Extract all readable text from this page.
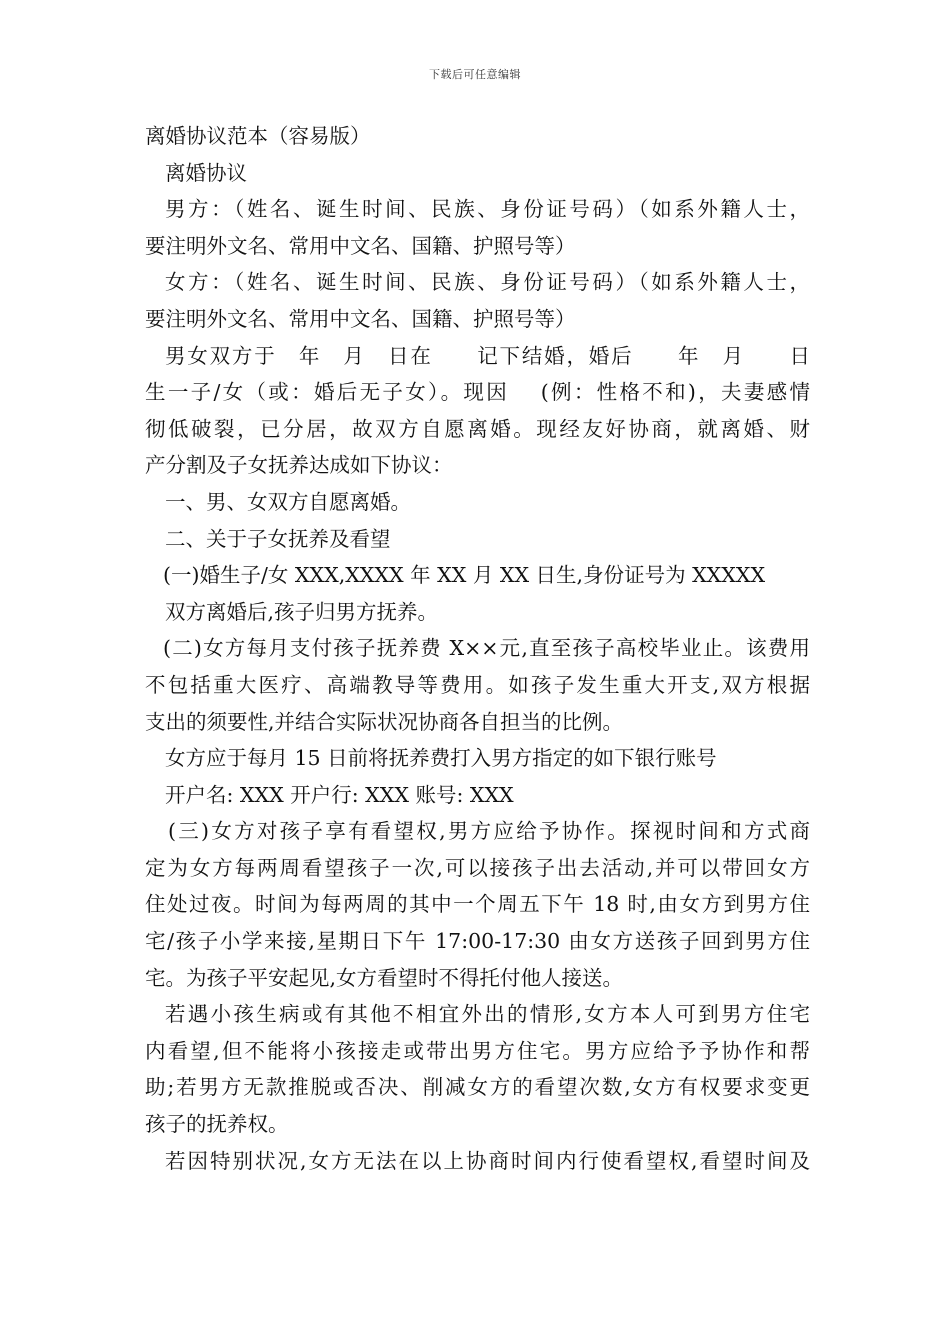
下载后可任意编辑
离婚协议范本（容易版）
离婚协议
男方：（姓名、诞生时间、民族、身份证号码）（如系外籍人士，
要注明外文名、常用中文名、国籍、护照号等）
女方：（姓名、诞生时间、民族、身份证号码）（如系外籍人士，
要注明外文名、常用中文名、国籍、护照号等）
男女双方于　年　月　日在　　记下结婚，婚后　　年　月　　日
生一子/女（或：婚后无子女）。现因　 (例：性格不和)，夫妻感情
彻低破裂，已分居，故双方自愿离婚。现经友好协商，就离婚、财
产分割及子女抚养达成如下协议：
一、男、女双方自愿离婚。
二、关于子女抚养及看望
(一)婚生子/女 XXX,XXXX 年 XX 月 XX 日生,身份证号为 XXXXX
双方离婚后,孩子归男方抚养。
(二)女方每月支付孩子抚养费 X××元,直至孩子高校毕业止。该费用
不包括重大医疗、高端教导等费用。如孩子发生重大开支,双方根据
支出的须要性,并结合实际状况协商各自担当的比例。
女方应于每月 15 日前将抚养费打入男方指定的如下银行账号
开户名: XXX 开户行: XXX 账号: XXX
(三)女方对孩子享有看望权,男方应给予协作。探视时间和方式商
定为女方每两周看望孩子一次,可以接孩子出去活动,并可以带回女方
住处过夜。时间为每两周的其中一个周五下午 18 时,由女方到男方住
宅/孩子小学来接,星期日下午 17:00-17:30 由女方送孩子回到男方住
宅。为孩子平安起见,女方看望时不得托付他人接送。
若遇小孩生病或有其他不相宜外出的情形,女方本人可到男方住宅
内看望,但不能将小孩接走或带出男方住宅。男方应给予予协作和帮
助;若男方无款推脱或否决、削减女方的看望次数,女方有权要求变更
孩子的抚养权。
若因特别状况,女方无法在以上协商时间内行使看望权,看望时间及
